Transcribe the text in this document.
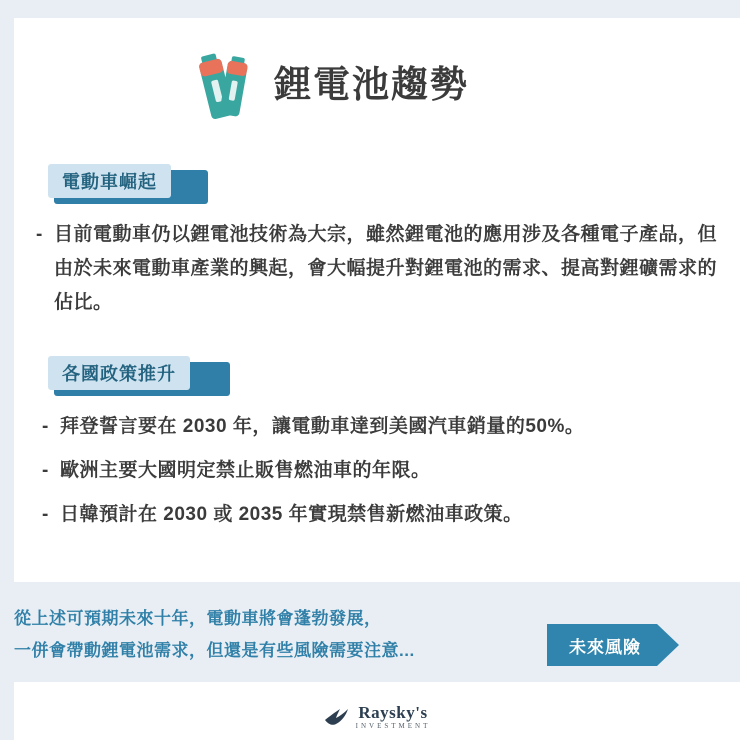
鋰電池趨勢
電動車崛起
- 目前電動車仍以鋰電池技術為大宗，雖然鋰電池的應用涉及各種電子產品，但由於未來電動車產業的興起，會大幅提升對鋰電池的需求、提高對鋰礦需求的佔比。
各國政策推升
- 拜登誓言要在 2030 年，讓電動車達到美國汽車銷量的50%。
- 歐洲主要大國明定禁止販售燃油車的年限。
- 日韓預計在 2030 或 2035 年實現禁售新燃油車政策。
從上述可預期未來十年，電動車將會蓬勃發展，
一併會帶動鋰電池需求，但還是有些風險需要注意...	未來風險
Raysky's
INVESTMENT
